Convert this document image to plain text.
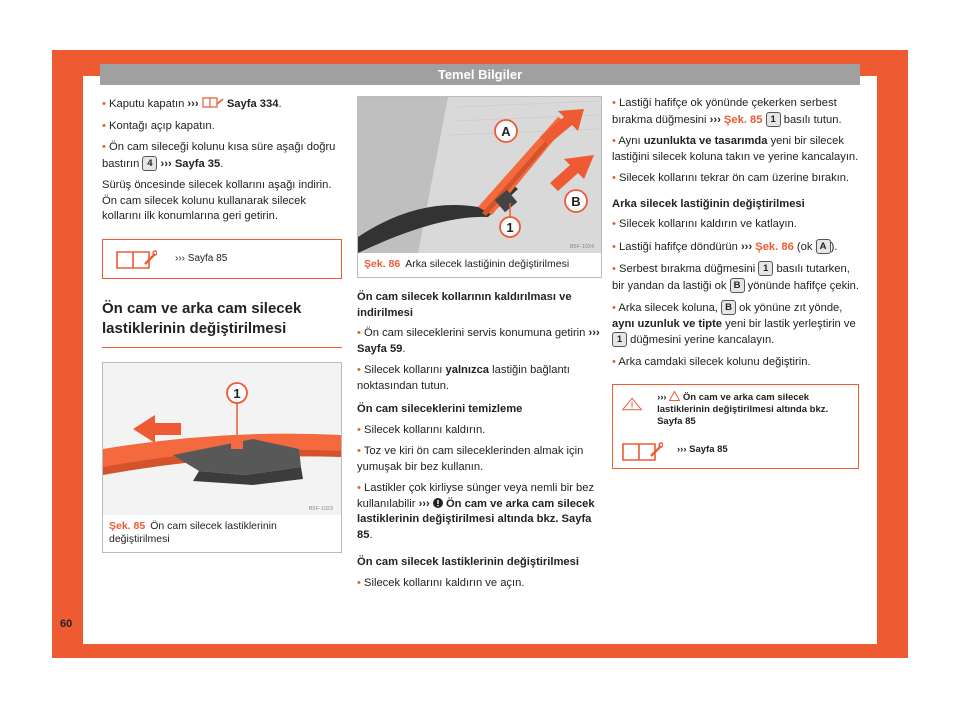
Temel Bilgiler

• Kaputu kapatın ›››	Sayfa 334.

• Kontağı açıp kapatın.

• Ön cam sileceği kolunu kısa süre aşağı doğru bastırın 4 ››› Sayfa 35.

Sürüş öncesinde silecek kollarını aşağı indirin. Ön cam silecek kolunu kullanarak silecek kollarını ilk konumlarına geri getirin.

››› Sayfa 85
Ön cam ve arka cam silecek lastiklerinin değiştirilmesi
1
B5F-1023
Şek. 85 Ön cam silecek lastiklerinin değiştirilmesi
A
B
1
B5F-1024
Şek. 86 Arka silecek lastiğinin değiştirilmesi
Ön cam silecek kollarının kaldırılması ve indirilmesi

• Ön cam sileceklerini servis konumuna getirin ››› Sayfa 59.

• Silecek kollarını yalnızca lastiğin bağlantı noktasından tutun.

Ön cam sileceklerini temizleme

• Silecek kollarını kaldırın.

• Toz ve kiri ön cam sileceklerinden almak için yumuşak bir bez kullanın.

• Lastikler çok kirliyse sünger veya nemli bir bez kullanılabilir ››› Ön cam ve arka cam silecek lastiklerinin değiştirilmesi altında bkz. Sayfa 85.

Ön cam silecek lastiklerinin değiştirilmesi

• Silecek kollarını kaldırın ve açın.

• Lastiği hafifçe ok yönünde çekerken serbest bırakma düğmesini ››› Şek. 85 1 basılı tutun.

• Aynı uzunlukta ve tasarımda yeni bir silecek lastiğini silecek koluna takın ve yerine kancalayın.

• Silecek kollarını tekrar ön cam üzerine bırakın.

Arka silecek lastiğinin değiştirilmesi

• Silecek kollarını kaldırın ve katlayın.

• Lastiği hafifçe döndürün ››› Şek. 86 (ok A ).

• Serbest bırakma düğmesini 1 basılı tutarken, bir yandan da lastiği ok B yönünde hafifçe çekin.

• Arka silecek koluna, B ok yönüne zıt yönde, aynı uzunluk ve tipte yeni bir lastik yerleştirin ve 1 düğmesini yerine kancalayın.

• Arka camdaki silecek kolunu değiştirin.

››› Ön cam ve arka cam silecek lastiklerinin değiştirilmesi altında bkz. Sayfa 85
››› Sayfa 85
60
